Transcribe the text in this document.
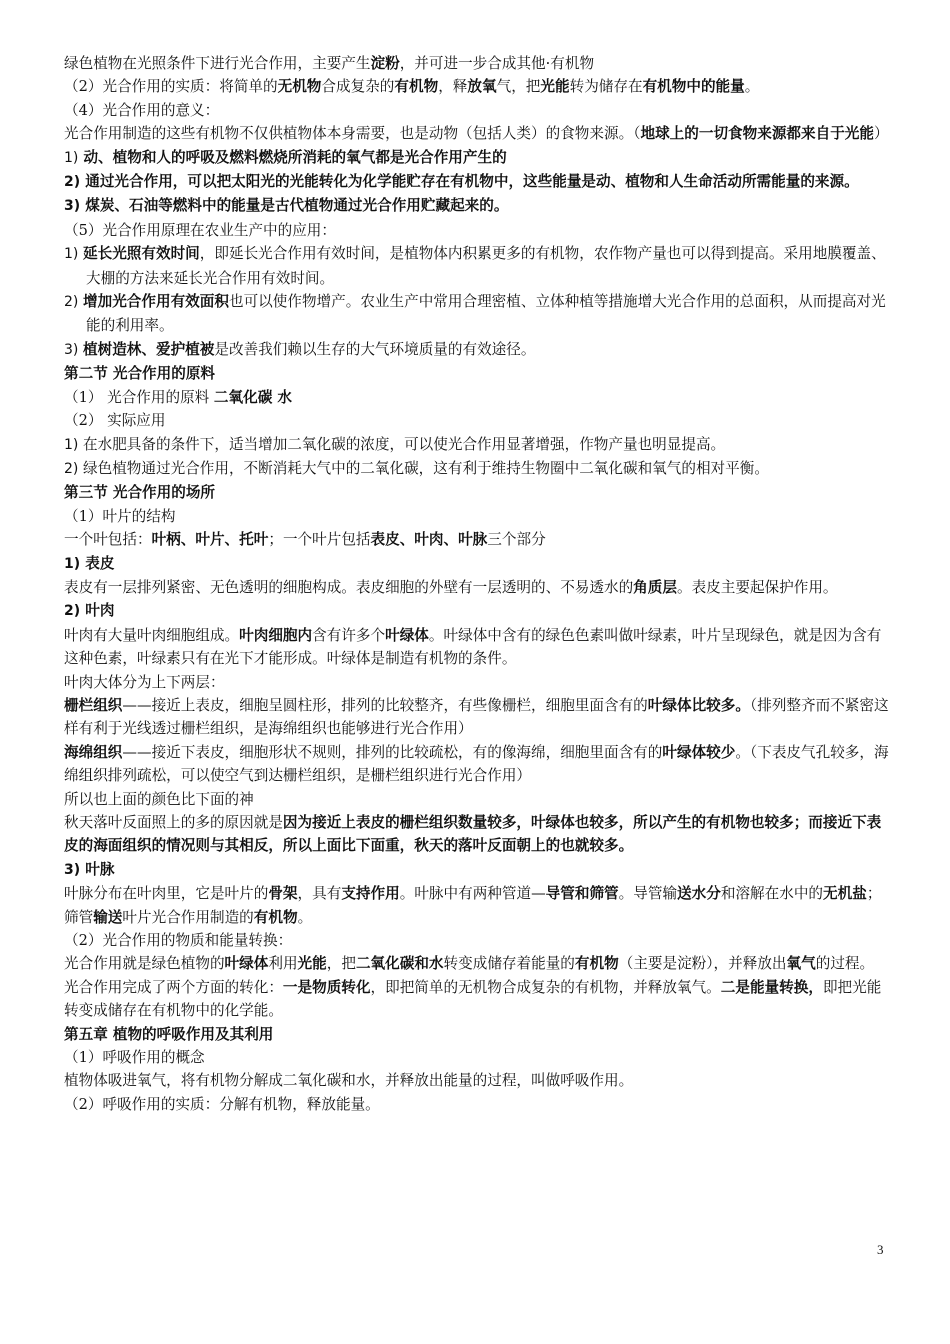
绿色植物在光照条件下进行光合作用，主要产生淀粉，并可进一步合成其他·有机物

（2）光合作用的实质：将简单的无机物合成复杂的有机物，释放氧气，把光能转为储存在有机物中的能量。

（4）光合作用的意义：

光合作用制造的这些有机物不仅供植物体本身需要，也是动物（包括人类）的食物来源。（地球上的一切食物来源都来自于光能）

1) 动、植物和人的呼吸及燃料燃烧所消耗的氧气都是光合作用产生的

2) 通过光合作用，可以把太阳光的光能转化为化学能贮存在有机物中，这些能量是动、植物和人生命活动所需能量的来源。

3) 煤炭、石油等燃料中的能量是古代植物通过光合作用贮藏起来的。

（5）光合作用原理在农业生产中的应用：

1) 延长光照有效时间，即延长光合作用有效时间，是植物体内积累更多的有机物，农作物产量也可以得到提高。采用地膜覆盖、大棚的方法来延长光合作用有效时间。

2) 增加光合作用有效面积也可以使作物增产。农业生产中常用合理密植、立体种植等措施增大光合作用的总面积，从而提高对光能的利用率。

3) 植树造林、爱护植被是改善我们赖以生存的大气环境质量的有效途径。

第二节 光合作用的原料

（1） 光合作用的原料 二氧化碳 水

（2） 实际应用

1) 在水肥具备的条件下，适当增加二氧化碳的浓度，可以使光合作用显著增强，作物产量也明显提高。

2) 绿色植物通过光合作用，不断消耗大气中的二氧化碳，这有利于维持生物圈中二氧化碳和氧气的相对平衡。

第三节 光合作用的场所

（1）叶片的结构

一个叶包括：叶柄、叶片、托叶；一个叶片包括表皮、叶肉、叶脉三个部分

1) 表皮

表皮有一层排列紧密、无色透明的细胞构成。表皮细胞的外壁有一层透明的、不易透水的角质层。表皮主要起保护作用。

2) 叶肉

叶肉有大量叶肉细胞组成。叶肉细胞内含有许多个叶绿体。叶绿体中含有的绿色色素叫做叶绿素，叶片呈现绿色，就是因为含有这种色素，叶绿素只有在光下才能形成。叶绿体是制造有机物的条件。

叶肉大体分为上下两层：

栅栏组织——接近上表皮，细胞呈圆柱形，排列的比较整齐，有些像栅栏，细胞里面含有的叶绿体比较多。（排列整齐而不紧密这样有利于光线透过栅栏组织，是海绵组织也能够进行光合作用）

海绵组织——接近下表皮，细胞形状不规则，排列的比较疏松，有的像海绵，细胞里面含有的叶绿体较少。（下表皮气孔较多，海绵组织排列疏松，可以使空气到达栅栏组织，是栅栏组织进行光合作用）

所以也上面的颜色比下面的神

秋天落叶反面照上的多的原因就是因为接近上表皮的栅栏组织数量较多，叶绿体也较多，所以产生的有机物也较多；而接近下表皮的海面组织的情况则与其相反，所以上面比下面重，秋天的落叶反面朝上的也就较多。

3) 叶脉

叶脉分布在叶肉里，它是叶片的骨架，具有支持作用。叶脉中有两种管道—导管和筛管。导管输送水分和溶解在水中的无机盐；筛管输送叶片光合作用制造的有机物。

（2）光合作用的物质和能量转换：

光合作用就是绿色植物的叶绿体利用光能，把二氧化碳和水转变成储存着能量的有机物（主要是淀粉），并释放出氧气的过程。

光合作用完成了两个方面的转化：一是物质转化，即把简单的无机物合成复杂的有机物，并释放氧气。二是能量转换，即把光能转变成储存在有机物中的化学能。

第五章 植物的呼吸作用及其利用

（1）呼吸作用的概念

植物体吸进氧气，将有机物分解成二氧化碳和水，并释放出能量的过程，叫做呼吸作用。

（2）呼吸作用的实质：分解有机物，释放能量。

3
